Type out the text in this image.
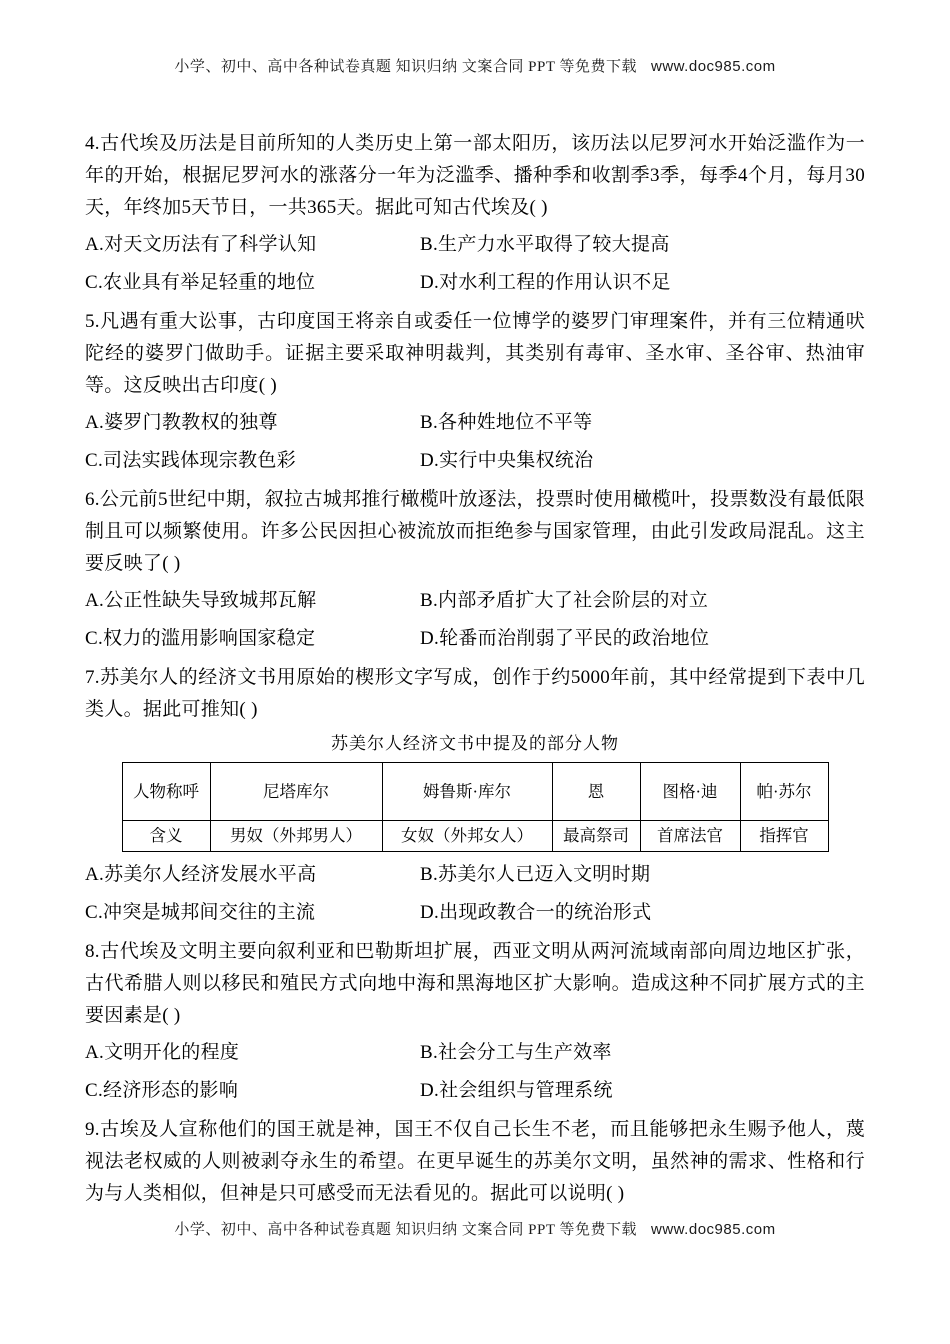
小学、初中、高中各种试卷真题 知识归纳 文案合同 PPT 等免费下载 www.doc985.com

4.古代埃及历法是目前所知的人类历史上第一部太阳历，该历法以尼罗河水开始泛滥作为一年的开始，根据尼罗河水的涨落分一年为泛滥季、播种季和收割季3季，每季4个月，每月30天，年终加5天节日，一共365天。据此可知古代埃及( )

A.对天文历法有了科学认知	B.生产力水平取得了较大提高
C.农业具有举足轻重的地位	D.对水利工程的作用认识不足

5.凡遇有重大讼事，古印度国王将亲自或委任一位博学的婆罗门审理案件，并有三位精通吠陀经的婆罗门做助手。证据主要采取神明裁判，其类别有毒审、圣水审、圣谷审、热油审等。这反映出古印度( )

A.婆罗门教教权的独尊	B.各种姓地位不平等
C.司法实践体现宗教色彩	D.实行中央集权统治

6.公元前5世纪中期，叙拉古城邦推行橄榄叶放逐法，投票时使用橄榄叶，投票数没有最低限制且可以频繁使用。许多公民因担心被流放而拒绝参与国家管理，由此引发政局混乱。这主要反映了( )

A.公正性缺失导致城邦瓦解	B.内部矛盾扩大了社会阶层的对立
C.权力的滥用影响国家稳定	D.轮番而治削弱了平民的政治地位

7.苏美尔人的经济文书用原始的楔形文字写成，创作于约5000年前，其中经常提到下表中几类人。据此可推知( )

苏美尔人经济文书中提及的部分人物
人物称呼	尼塔库尔	姆鲁斯·库尔	恩	图格·迪	帕·苏尔
含义	男奴（外邦男人）	女奴（外邦女人）	最高祭司	首席法官	指挥官
A.苏美尔人经济发展水平高	B.苏美尔人已迈入文明时期
C.冲突是城邦间交往的主流	D.出现政教合一的统治形式

8.古代埃及文明主要向叙利亚和巴勒斯坦扩展，西亚文明从两河流域南部向周边地区扩张，古代希腊人则以移民和殖民方式向地中海和黑海地区扩大影响。造成这种不同扩展方式的主要因素是( )

A.文明开化的程度	B.社会分工与生产效率
C.经济形态的影响	D.社会组织与管理系统

9.古埃及人宣称他们的国王就是神，国王不仅自己长生不老，而且能够把永生赐予他人，蔑视法老权威的人则被剥夺永生的希望。在更早诞生的苏美尔文明，虽然神的需求、性格和行为与人类相似，但神是只可感受而无法看见的。据此可以说明( )

小学、初中、高中各种试卷真题 知识归纳 文案合同 PPT 等免费下载 www.doc985.com
